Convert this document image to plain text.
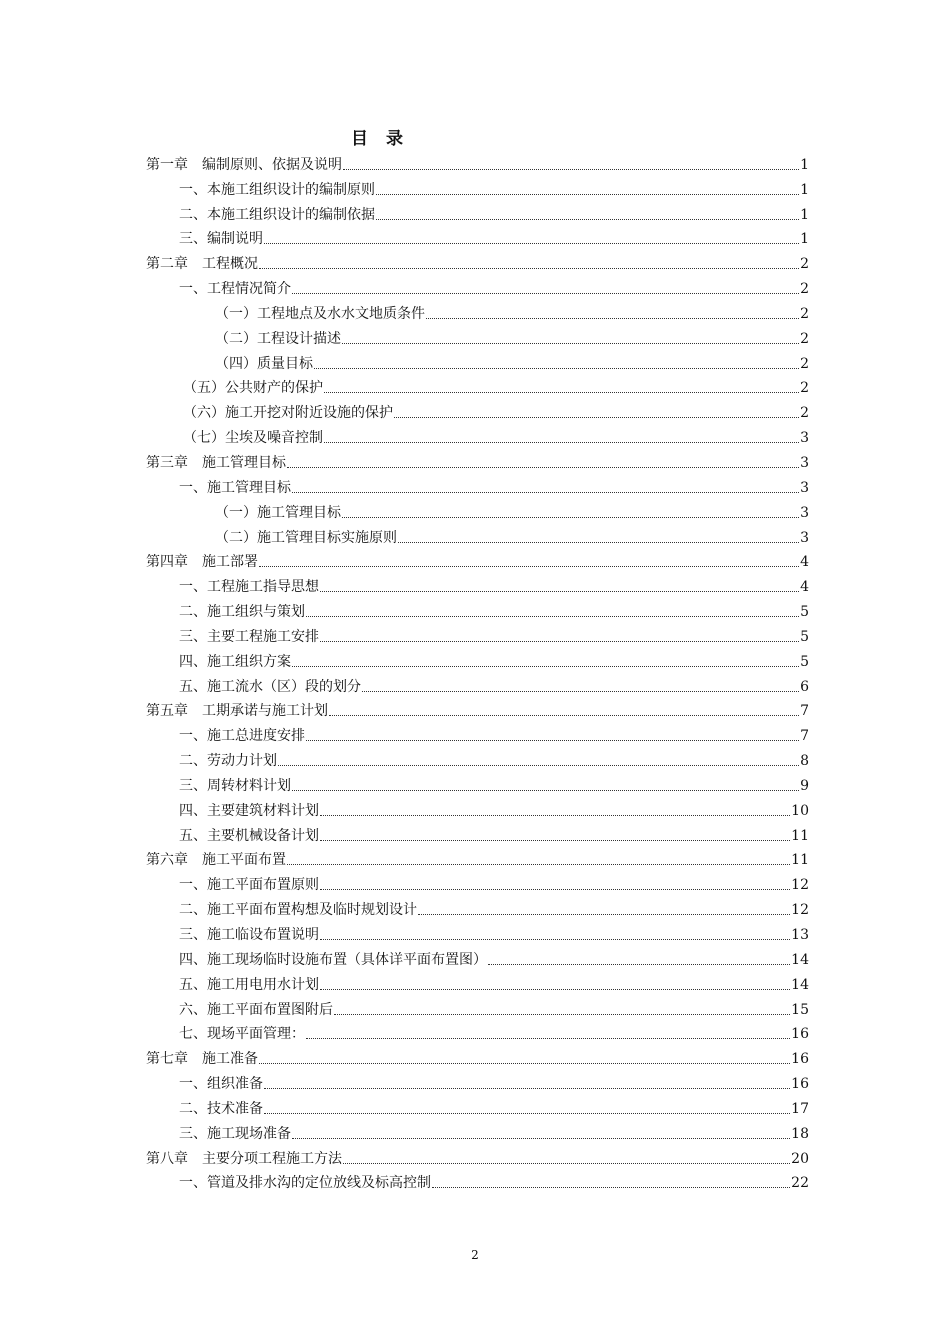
目 录
第一章　编制原则、依据及说明	1
一、本施工组织设计的编制原则	1
二、本施工组织设计的编制依据	1
三、编制说明	1
第二章　工程概况	2
一、工程情况简介	2
（一）工程地点及水水文地质条件	2
（二）工程设计描述	2
（四）质量目标	2
（五）公共财产的保护	2
（六）施工开挖对附近设施的保护	2
（七）尘埃及噪音控制	3
第三章　施工管理目标	3
一、施工管理目标	3
（一）施工管理目标	3
（二）施工管理目标实施原则	3
第四章　施工部署	4
一、工程施工指导思想	4
二、施工组织与策划	5
三、主要工程施工安排	5
四、施工组织方案	5
五、施工流水（区）段的划分	6
第五章　工期承诺与施工计划	7
一、施工总进度安排	7
二、劳动力计划	8
三、周转材料计划	9
四、主要建筑材料计划	10
五、主要机械设备计划	11
第六章　施工平面布置	11
一、施工平面布置原则	12
二、施工平面布置构想及临时规划设计	12
三、施工临设布置说明	13
四、施工现场临时设施布置（具体详平面布置图）	14
五、施工用电用水计划	14
六、施工平面布置图附后	15
七、现场平面管理：	16
第七章　施工准备	16
一、组织准备	16
二、技术准备	17
三、施工现场准备	18
第八章　主要分项工程施工方法	20
一、管道及排水沟的定位放线及标高控制	22
2
